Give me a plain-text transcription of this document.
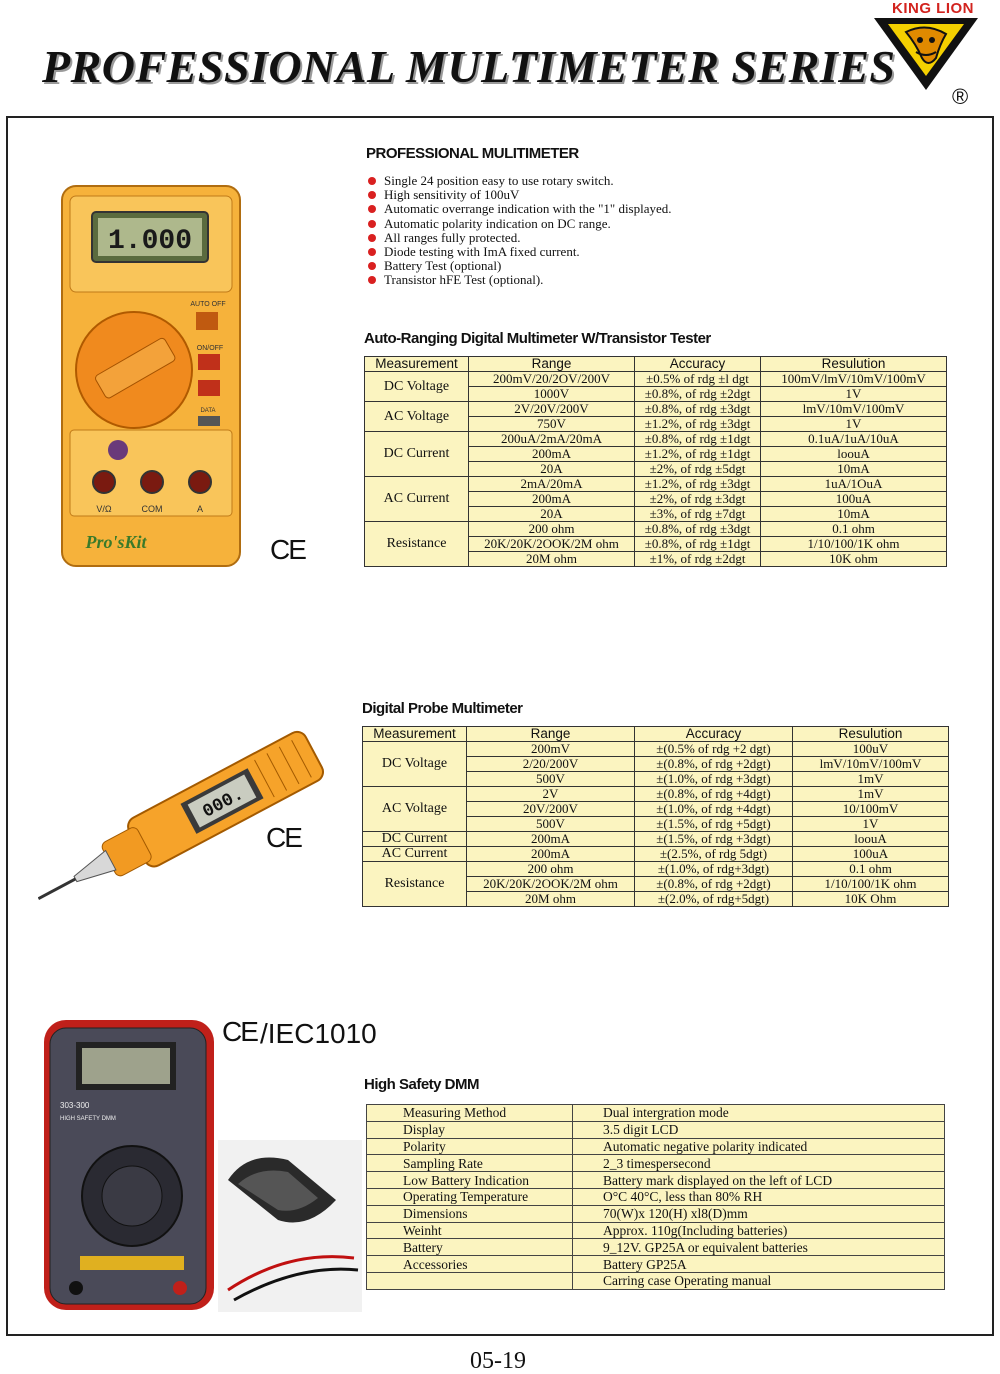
PROFESSIONAL MULTIMETER SERIES
KING LION
®
1.000
AUTO OFF
ON/OFF
DATA
V/Ω	COM	A
Pro'sKit	CE
PROFESSIONAL MULITIMETER
Single 24 position easy to use rotary switch.
High sensitivity of 100uV
Automatic overrange indication with the "1" displayed.
Automatic polarity indication on DC range.
All ranges fully protected.
Diode testing with ImA fixed current.
Battery Test (optional)
Transistor hFE Test (optional).
Auto-Ranging Digital Multimeter W/Transistor Tester
Measurement	Range	Accuracy	Resulution
DC Voltage	200mV/20/2OV/200V	±0.5% of rdg ±l dgt	100mV/lmV/10mV/100mV
	1000V	±0.8%, of rdg ±2dgt	1V
AC Voltage	2V/20V/200V	±0.8%, of rdg ±3dgt	lmV/10mV/100mV
	750V	±1.2%, of rdg ±3dgt	1V
DC Current	200uA/2mA/20mA	±0.8%, of rdg ±1dgt	0.1uA/1uA/10uA
	200mA	±1.2%, of rdg ±1dgt	loouA
	20A	±2%, of rdg ±5dgt	10mA
AC Current	2mA/20mA	±1.2%, of rdg ±3dgt	1uA/1OuA
	200mA	±2%, of rdg ±3dgt	100uA
	20A	±3%, of rdg ±7dgt	10mA
Resistance	200 ohm	±0.8%, of rdg ±3dgt	0.1 ohm
	20K/20K/2OOK/2M ohm	±0.8%, of rdg ±1dgt	1/10/100/1K ohm
	20M ohm	±1%, of rdg ±2dgt	10K ohm
000.
CE
Digital Probe Multimeter
Measurement	Range	Accuracy	Resulution
DC Voltage	200mV	±(0.5% of rdg +2 dgt)	100uV
	2/20/200V	±(0.8%, of rdg +2dgt)	lmV/10mV/100mV
	500V	±(1.0%, of rdg +3dgt)	1mV
AC Voltage	2V	±(0.8%, of rdg +4dgt)	1mV
	20V/200V	±(1.0%, of rdg +4dgt)	10/100mV
	500V	±(1.5%, of rdg +5dgt)	1V
DC Current	200mA	±(1.5%, of rdg +3dgt)	loouA
AC Current	200mA	±(2.5%, of rdg 5dgt)	100uA
Resistance	200 ohm	±(1.0%, of rdg+3dgt)	0.1 ohm
	20K/20K/2OOK/2M ohm	±(0.8%, of rdg +2dgt)	1/10/100/1K ohm
	20M ohm	±(2.0%, of rdg+5dgt)	10K Ohm
CE /IEC1010
303-300
HIGH SAFETY DMM
High Safety DMM
Measuring Method	Dual intergration mode
Display	3.5 digit LCD
Polarity	Automatic negative polarity indicated
Sampling Rate	2_3 timespersecond
Low Battery Indication	Battery mark displayed on the left of LCD
Operating Temperature	O°C 40°C, less than 80% RH
Dimensions	70(W)x 120(H) xl8(D)mm
Weinht	Approx. 110g(Including batteries)
Battery	9_12V. GP25A or equivalent batteries
Accessories	Battery GP25A
	Carring case Operating manual
05-19
